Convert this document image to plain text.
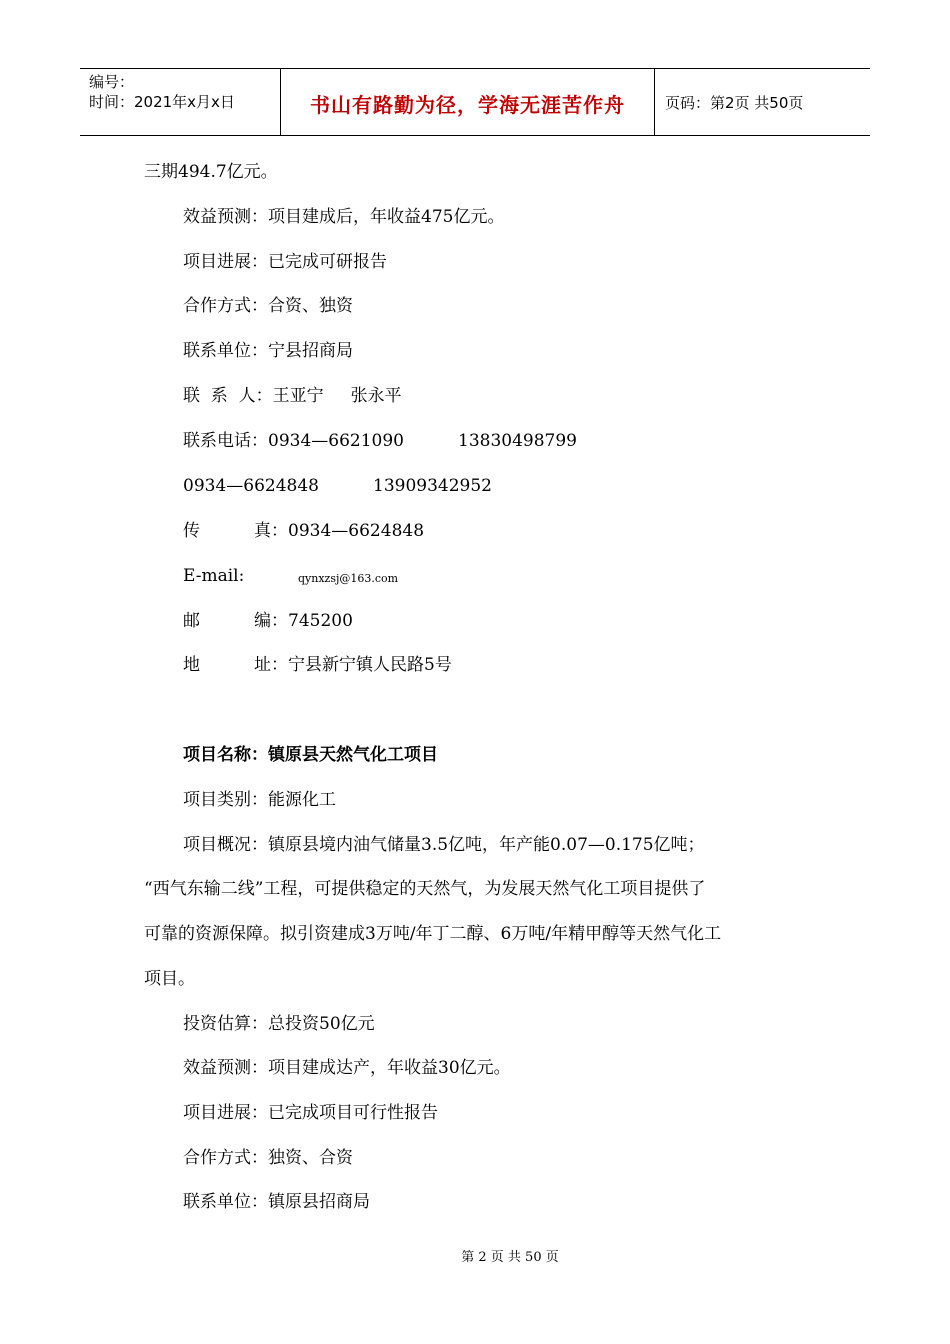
编号：
时间：2021年x月x日	书山有路勤为径，学海无涯苦作舟	页码：第2页 共50页
三期494.7亿元。
效益预测：项目建成后，年收益475亿元。
项目进展：已完成可研报告
合作方式：合资、独资
联系单位：宁县招商局
联  系  人：王亚宁     张永平
联系电话：0934—6621090          13830498799
0934—6624848          13909342952
传          真：0934—6624848
E-mail:	qynxzsj@163.com
邮          编：745200
地          址：宁县新宁镇人民路5号
项目名称：镇原县天然气化工项目
项目类别：能源化工
项目概况：镇原县境内油气储量3.5亿吨，年产能0.07—0.175亿吨；
“西气东输二线”工程，可提供稳定的天然气，为发展天然气化工项目提供了
可靠的资源保障。拟引资建成3万吨/年丁二醇、6万吨/年精甲醇等天然气化工
项目。
投资估算：总投资50亿元
效益预测：项目建成达产，年收益30亿元。
项目进展：已完成项目可行性报告
合作方式：独资、合资
联系单位：镇原县招商局
第 2 页 共 50 页
